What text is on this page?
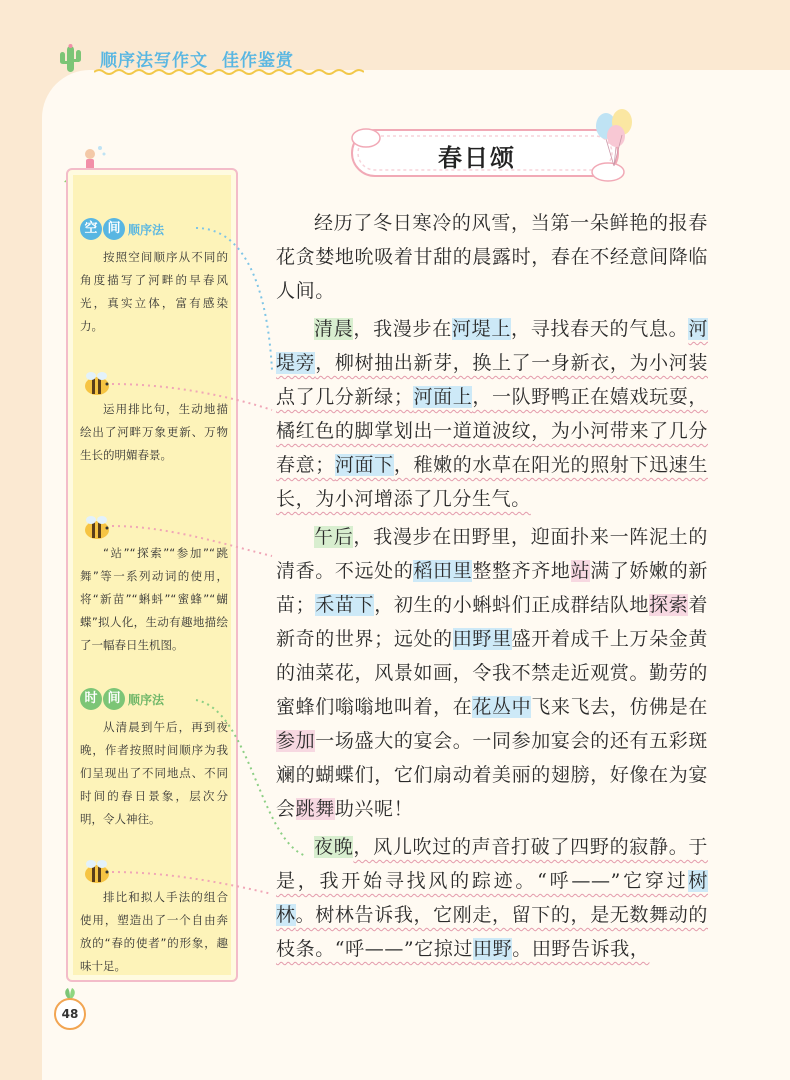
顺序法写作文 佳作鉴赏
春日颂
空 间 顺序法
按照空间顺序从不同的角度描写了河畔的早春风光，真实立体，富有感染力。
运用排比句，生动地描绘出了河畔万象更新、万物生长的明媚春景。
“站”“探索”“参加”“跳舞”等一系列动词的使用，将“新苗”“蝌蚪”“蜜蜂”“蝴蝶”拟人化，生动有趣地描绘了一幅春日生机图。
时 间 顺序法
从清晨到午后，再到夜晚，作者按照时间顺序为我们呈现出了不同地点、不同时间的春日景象，层次分明，令人神往。
排比和拟人手法的组合使用，塑造出了一个自由奔放的“春的使者”的形象，趣味十足。

经历了冬日寒冷的风雪，当第一朵鲜艳的报春花贪婪地吮吸着甘甜的晨露时，春在不经意间降临人间。

清晨，我漫步在河堤上，寻找春天的气息。河堤旁，柳树抽出新芽，换上了一身新衣，为小河装点了几分新绿；河面上，一队野鸭正在嬉戏玩耍，橘红色的脚掌划出一道道波纹，为小河带来了几分春意；河面下，稚嫩的水草在阳光的照射下迅速生长，为小河增添了几分生气。

午后，我漫步在田野里，迎面扑来一阵泥土的清香。不远处的稻田里整整齐齐地站满了娇嫩的新苗；禾苗下，初生的小蝌蚪们正成群结队地探索着新奇的世界；远处的田野里盛开着成千上万朵金黄的油菜花，风景如画，令我不禁走近观赏。勤劳的蜜蜂们嗡嗡地叫着，在花丛中飞来飞去，仿佛是在参加一场盛大的宴会。一同参加宴会的还有五彩斑斓的蝴蝶们，它们扇动着美丽的翅膀，好像在为宴会跳舞助兴呢！

夜晚，风儿吹过的声音打破了四野的寂静。于是，我开始寻找风的踪迹。“呼——”它穿过树林。树林告诉我，它刚走，留下的，是无数舞动的枝条。“呼——”它掠过田野。田野告诉我，

48
